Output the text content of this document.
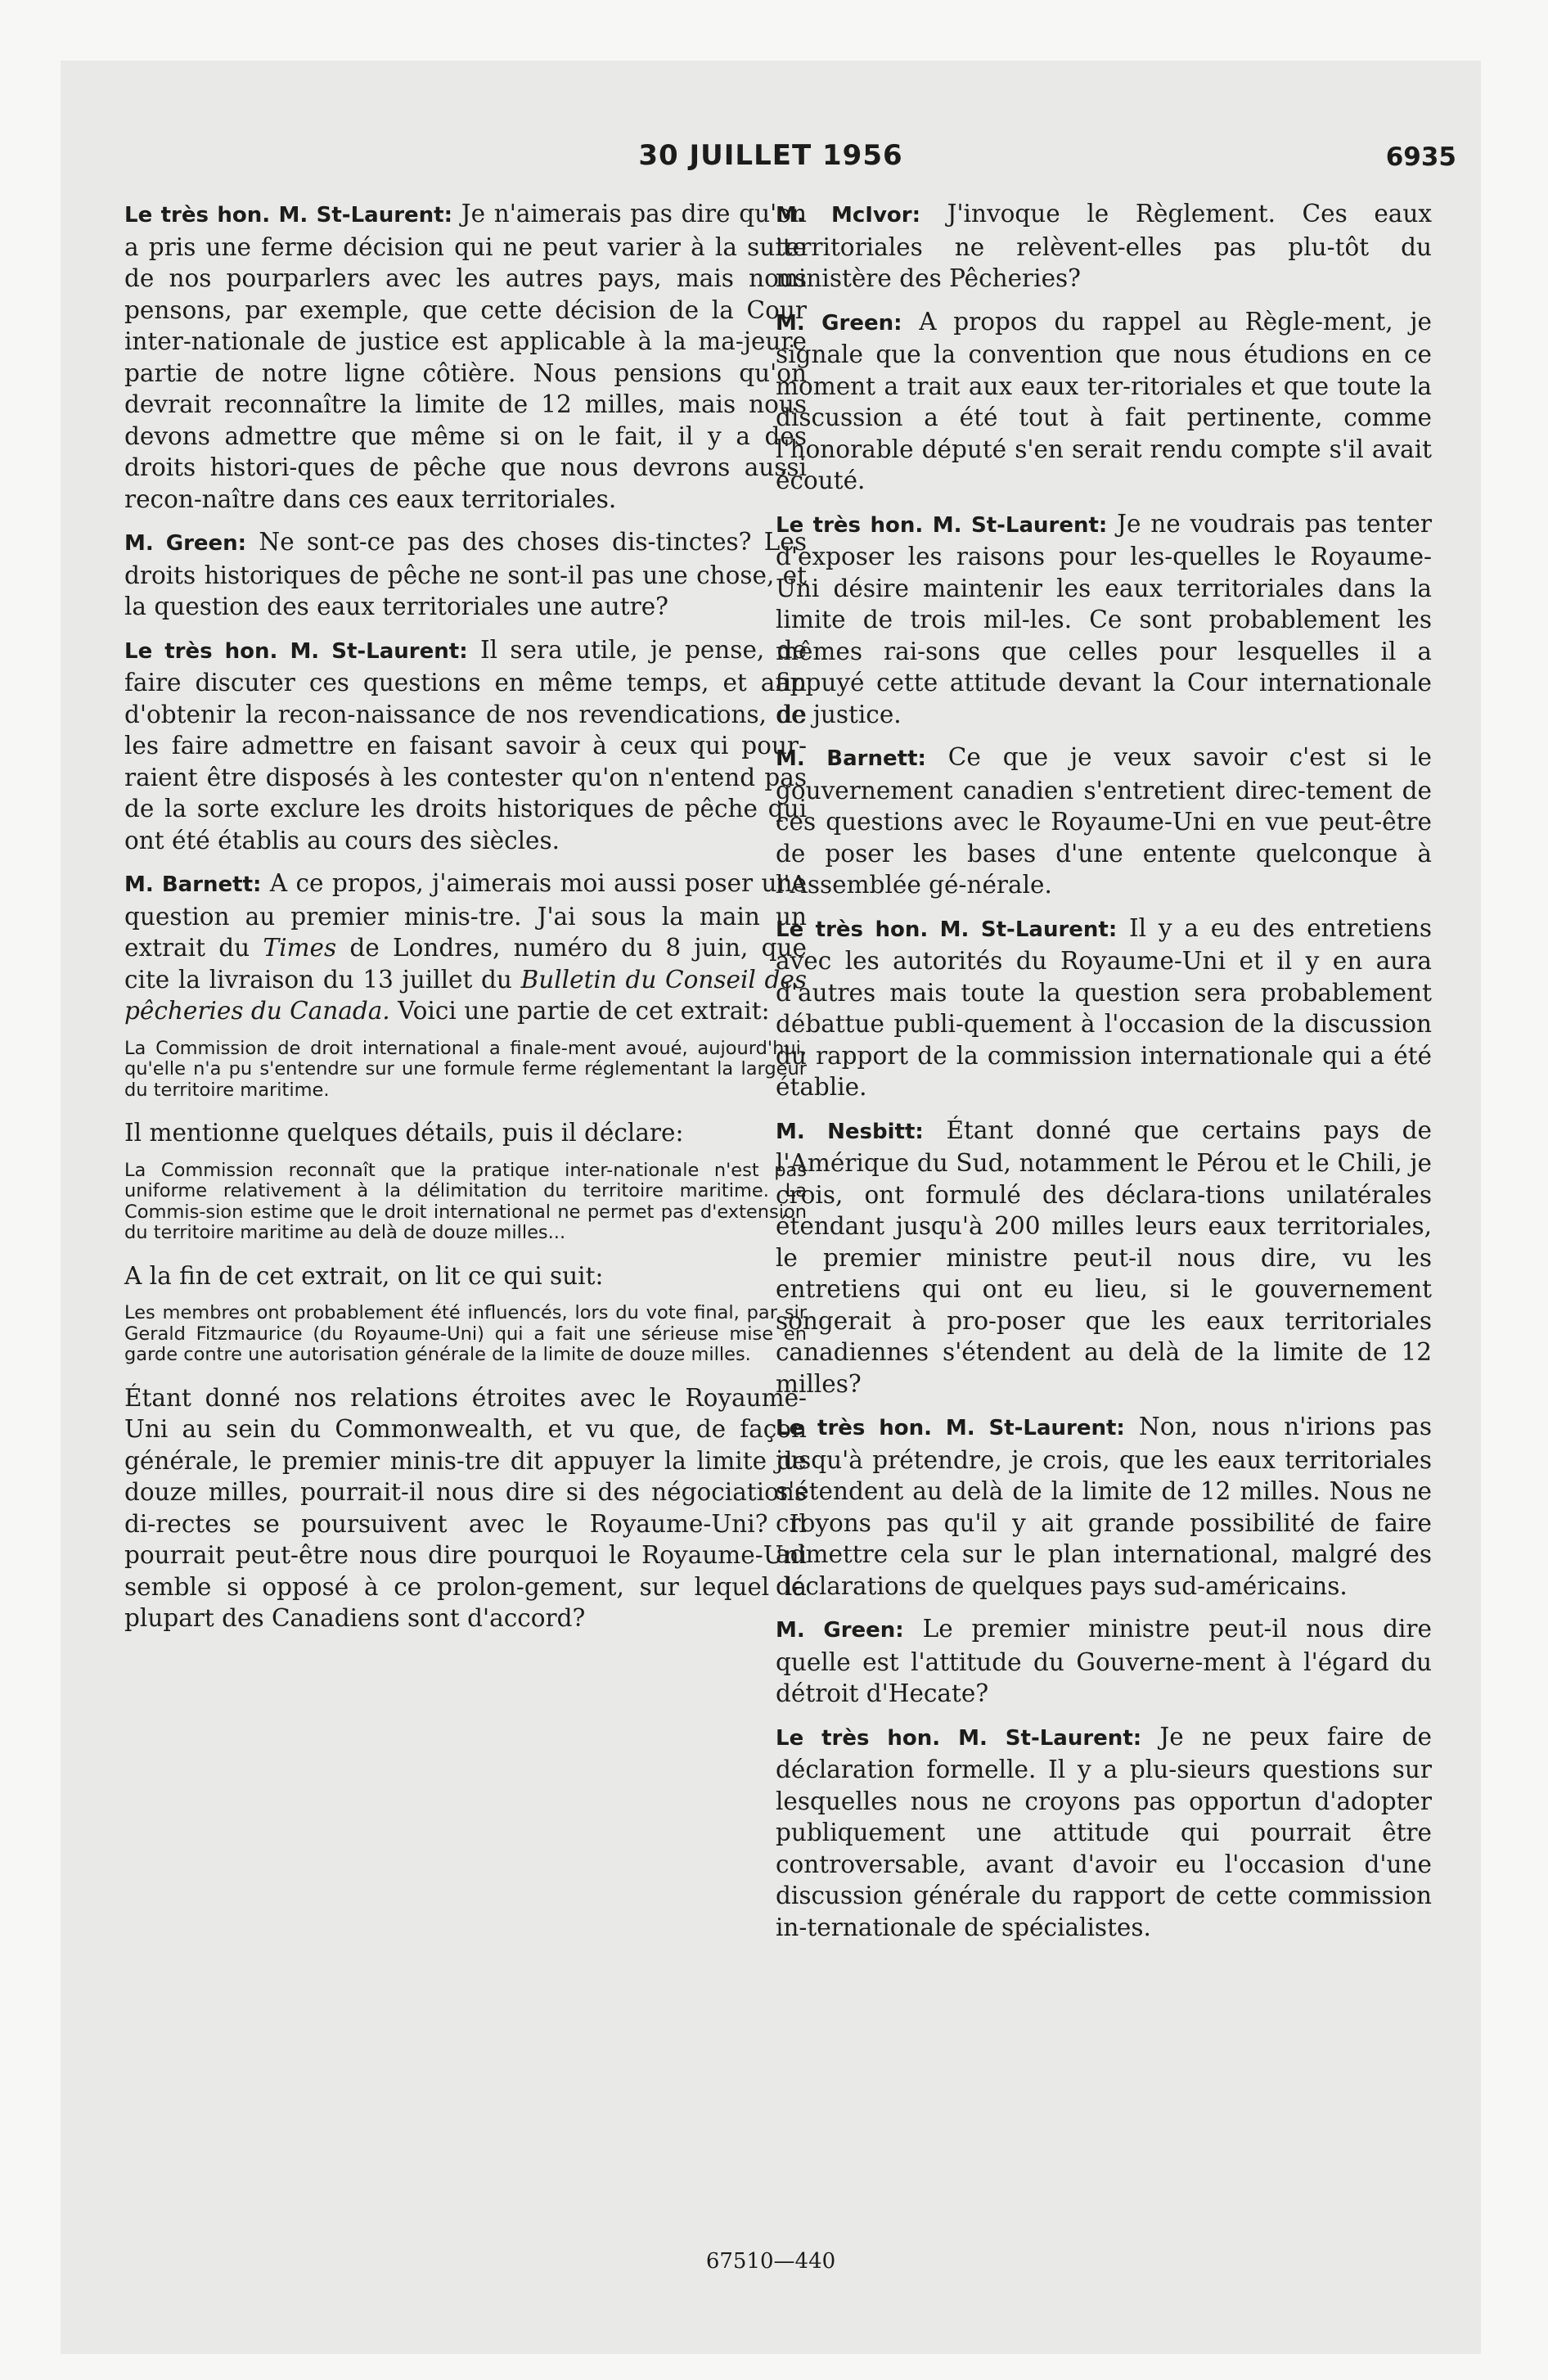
30 JUILLET 1956	6935

Le très hon. M. St-Laurent: Je n'aimerais pas dire qu'on a pris une ferme décision qui ne peut varier à la suite de nos pourparlers avec les autres pays, mais nous pensons, par exemple, que cette décision de la Cour inter-nationale de justice est applicable à la ma-jeure partie de notre ligne côtière. Nous pensions qu'on devrait reconnaître la limite de 12 milles, mais nous devons admettre que même si on le fait, il y a des droits histori-ques de pêche que nous devrons aussi recon-naître dans ces eaux territoriales.

M. Green: Ne sont-ce pas des choses dis-tinctes? Les droits historiques de pêche ne sont-il pas une chose, et la question des eaux territoriales une autre?

Le très hon. M. St-Laurent: Il sera utile, je pense, de faire discuter ces questions en même temps, et afin d'obtenir la recon-naissance de nos revendications, de les faire admettre en faisant savoir à ceux qui pour-raient être disposés à les contester qu'on n'entend pas de la sorte exclure les droits historiques de pêche qui ont été établis au cours des siècles.

M. Barnett: A ce propos, j'aimerais moi aussi poser une question au premier minis-tre. J'ai sous la main un extrait du Times de Londres, numéro du 8 juin, que cite la livraison du 13 juillet du Bulletin du Conseil des pêcheries du Canada. Voici une partie de cet extrait:

La Commission de droit international a finale-ment avoué, aujourd'hui, qu'elle n'a pu s'entendre sur une formule ferme réglementant la largeur du territoire maritime.

Il mentionne quelques détails, puis il déclare:

La Commission reconnaît que la pratique inter-nationale n'est pas uniforme relativement à la délimitation du territoire maritime. La Commis-sion estime que le droit international ne permet pas d'extension du territoire maritime au delà de douze milles...

A la fin de cet extrait, on lit ce qui suit:

Les membres ont probablement été influencés, lors du vote final, par sir Gerald Fitzmaurice (du Royaume-Uni) qui a fait une sérieuse mise en garde contre une autorisation générale de la limite de douze milles.

Étant donné nos relations étroites avec le Royaume-Uni au sein du Commonwealth, et vu que, de façon générale, le premier minis-tre dit appuyer la limite de douze milles, pourrait-il nous dire si des négociations di-rectes se poursuivent avec le Royaume-Uni? Il pourrait peut-être nous dire pourquoi le Royaume-Uni semble si opposé à ce prolon-gement, sur lequel la plupart des Canadiens sont d'accord?

M. McIvor: J'invoque le Règlement. Ces eaux territoriales ne relèvent-elles pas plu-tôt du ministère des Pêcheries?

M. Green: A propos du rappel au Règle-ment, je signale que la convention que nous étudions en ce moment a trait aux eaux ter-ritoriales et que toute la discussion a été tout à fait pertinente, comme l'honorable député s'en serait rendu compte s'il avait écouté.

Le très hon. M. St-Laurent: Je ne voudrais pas tenter d'exposer les raisons pour les-quelles le Royaume-Uni désire maintenir les eaux territoriales dans la limite de trois mil-les. Ce sont probablement les mêmes rai-sons que celles pour lesquelles il a appuyé cette attitude devant la Cour internationale de justice.

M. Barnett: Ce que je veux savoir c'est si le gouvernement canadien s'entretient direc-tement de ces questions avec le Royaume-Uni en vue peut-être de poser les bases d'une entente quelconque à l'Assemblée gé-nérale.

Le très hon. M. St-Laurent: Il y a eu des entretiens avec les autorités du Royaume-Uni et il y en aura d'autres mais toute la question sera probablement débattue publi-quement à l'occasion de la discussion du rapport de la commission internationale qui a été établie.

M. Nesbitt: Étant donné que certains pays de l'Amérique du Sud, notamment le Pérou et le Chili, je crois, ont formulé des déclara-tions unilatérales étendant jusqu'à 200 milles leurs eaux territoriales, le premier ministre peut-il nous dire, vu les entretiens qui ont eu lieu, si le gouvernement songerait à pro-poser que les eaux territoriales canadiennes s'étendent au delà de la limite de 12 milles?

Le très hon. M. St-Laurent: Non, nous n'irions pas jusqu'à prétendre, je crois, que les eaux territoriales s'étendent au delà de la limite de 12 milles. Nous ne croyons pas qu'il y ait grande possibilité de faire admettre cela sur le plan international, malgré des déclarations de quelques pays sud-américains.

M. Green: Le premier ministre peut-il nous dire quelle est l'attitude du Gouverne-ment à l'égard du détroit d'Hecate?

Le très hon. M. St-Laurent: Je ne peux faire de déclaration formelle. Il y a plu-sieurs questions sur lesquelles nous ne croyons pas opportun d'adopter publiquement une attitude qui pourrait être controversable, avant d'avoir eu l'occasion d'une discussion générale du rapport de cette commission in-ternationale de spécialistes.

67510—440
